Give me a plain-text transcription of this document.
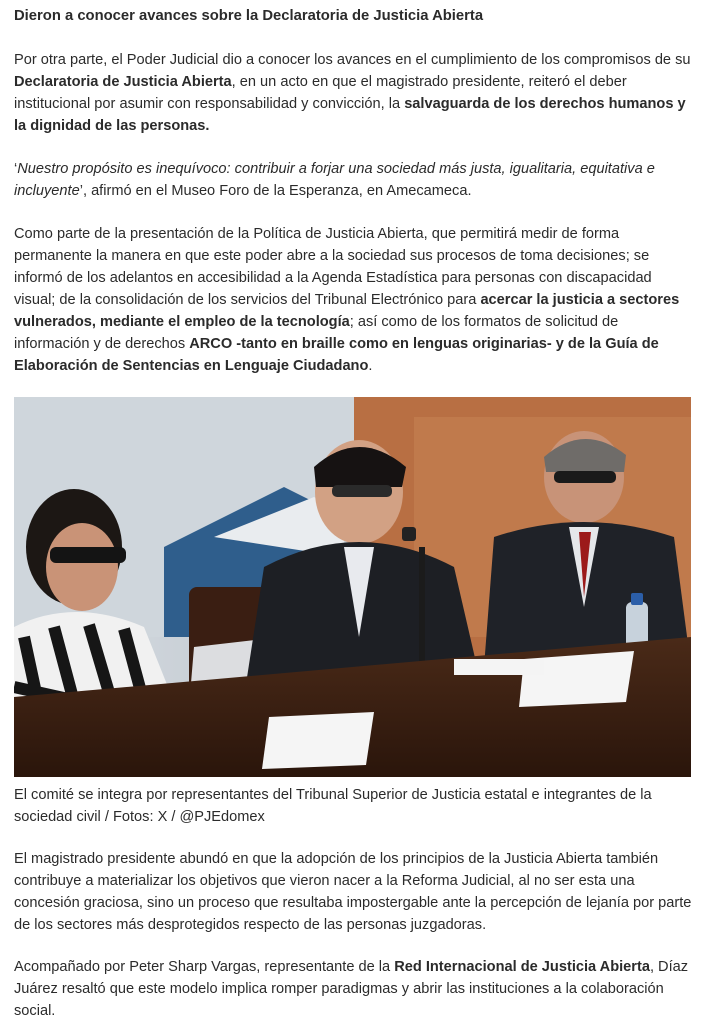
Dieron a conocer avances sobre la Declaratoria de Justicia Abierta

Por otra parte, el Poder Judicial dio a conocer los avances en el cumplimiento de los compromisos de su Declaratoria de Justicia Abierta, en un acto en que el magistrado presidente, reiteró el deber institucional por asumir con responsabilidad y convicción, la salvaguarda de los derechos humanos y la dignidad de las personas.

‘Nuestro propósito es inequívoco: contribuir a forjar una sociedad más justa, igualitaria, equitativa e incluyente’, afirmó en el Museo Foro de la Esperanza, en Amecameca.

Como parte de la presentación de la Política de Justicia Abierta, que permitirá medir de forma permanente la manera en que este poder abre a la sociedad sus procesos de toma decisiones; se informó de los adelantos en accesibilidad a la Agenda Estadística para personas con discapacidad visual; de la consolidación de los servicios del Tribunal Electrónico para acercar la justicia a sectores vulnerados, mediante el empleo de la tecnología; así como de los formatos de solicitud de información y de derechos ARCO -tanto en braille como en lenguas originarias- y de la Guía de Elaboración de Sentencias en Lenguaje Ciudadano.

El comité se integra por representantes del Tribunal Superior de Justicia estatal e integrantes de la sociedad civil / Fotos: X / @PJEdomex

El magistrado presidente abundó en que la adopción de los principios de la Justicia Abierta también contribuye a materializar los objetivos que vieron nacer a la Reforma Judicial, al no ser esta una concesión graciosa, sino un proceso que resultaba impostergable ante la percepción de lejanía por parte de los sectores más desprotegidos respecto de las personas juzgadoras.

Acompañado por Peter Sharp Vargas, representante de la Red Internacional de Justicia Abierta, Díaz Juárez resaltó que este modelo implica romper paradigmas y abrir las instituciones a la colaboración social.
